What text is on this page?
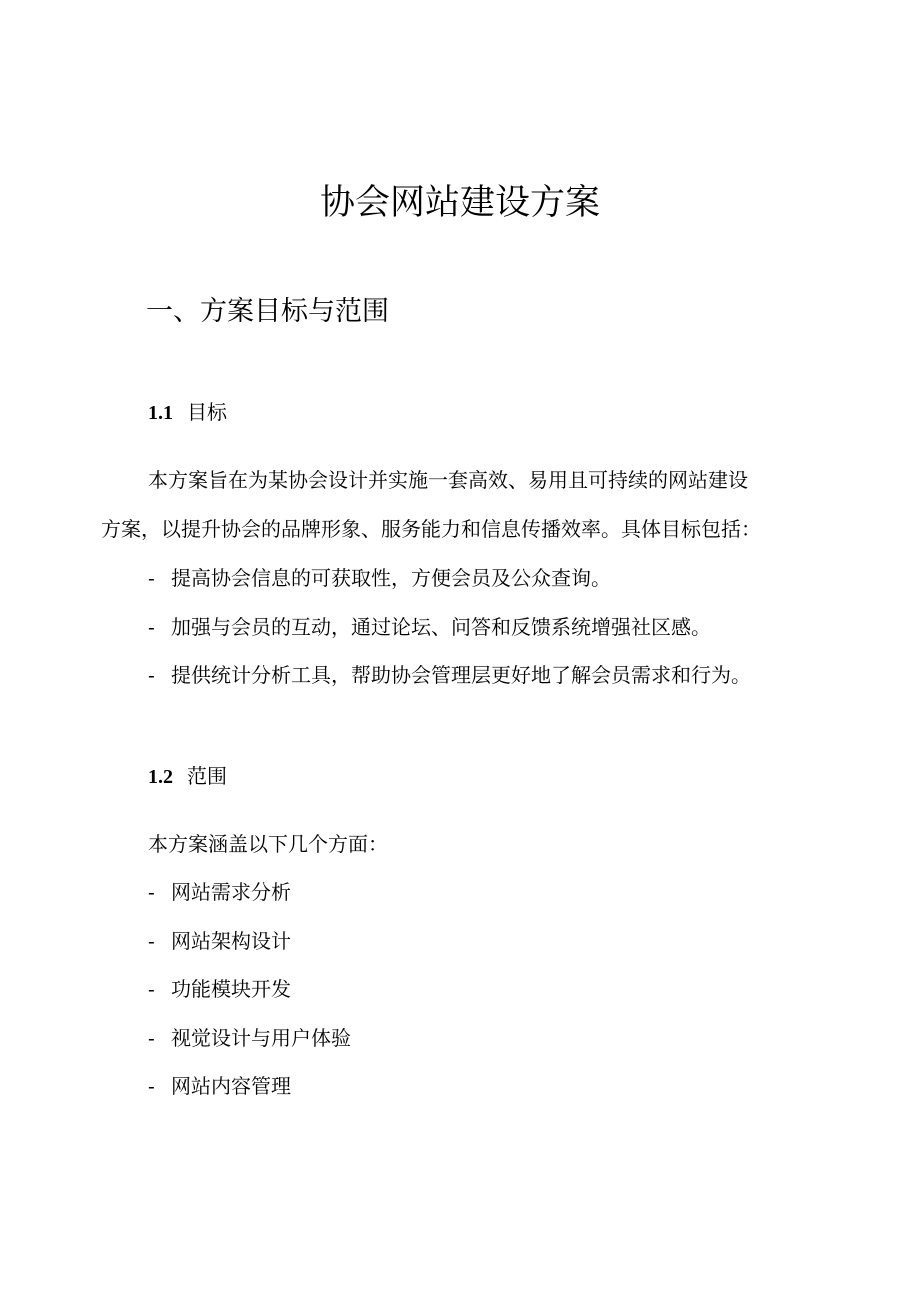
协会网站建设方案
一、方案目标与范围
1.1 目标

本方案旨在为某协会设计并实施一套高效、易用且可持续的网站建设

方案，以提升协会的品牌形象、服务能力和信息传播效率。具体目标包括：

- 提高协会信息的可获取性，方便会员及公众查询。

- 加强与会员的互动，通过论坛、问答和反馈系统增强社区感。

- 提供统计分析工具，帮助协会管理层更好地了解会员需求和行为。

1.2 范围

本方案涵盖以下几个方面：

- 网站需求分析

- 网站架构设计

- 功能模块开发

- 视觉设计与用户体验

- 网站内容管理
